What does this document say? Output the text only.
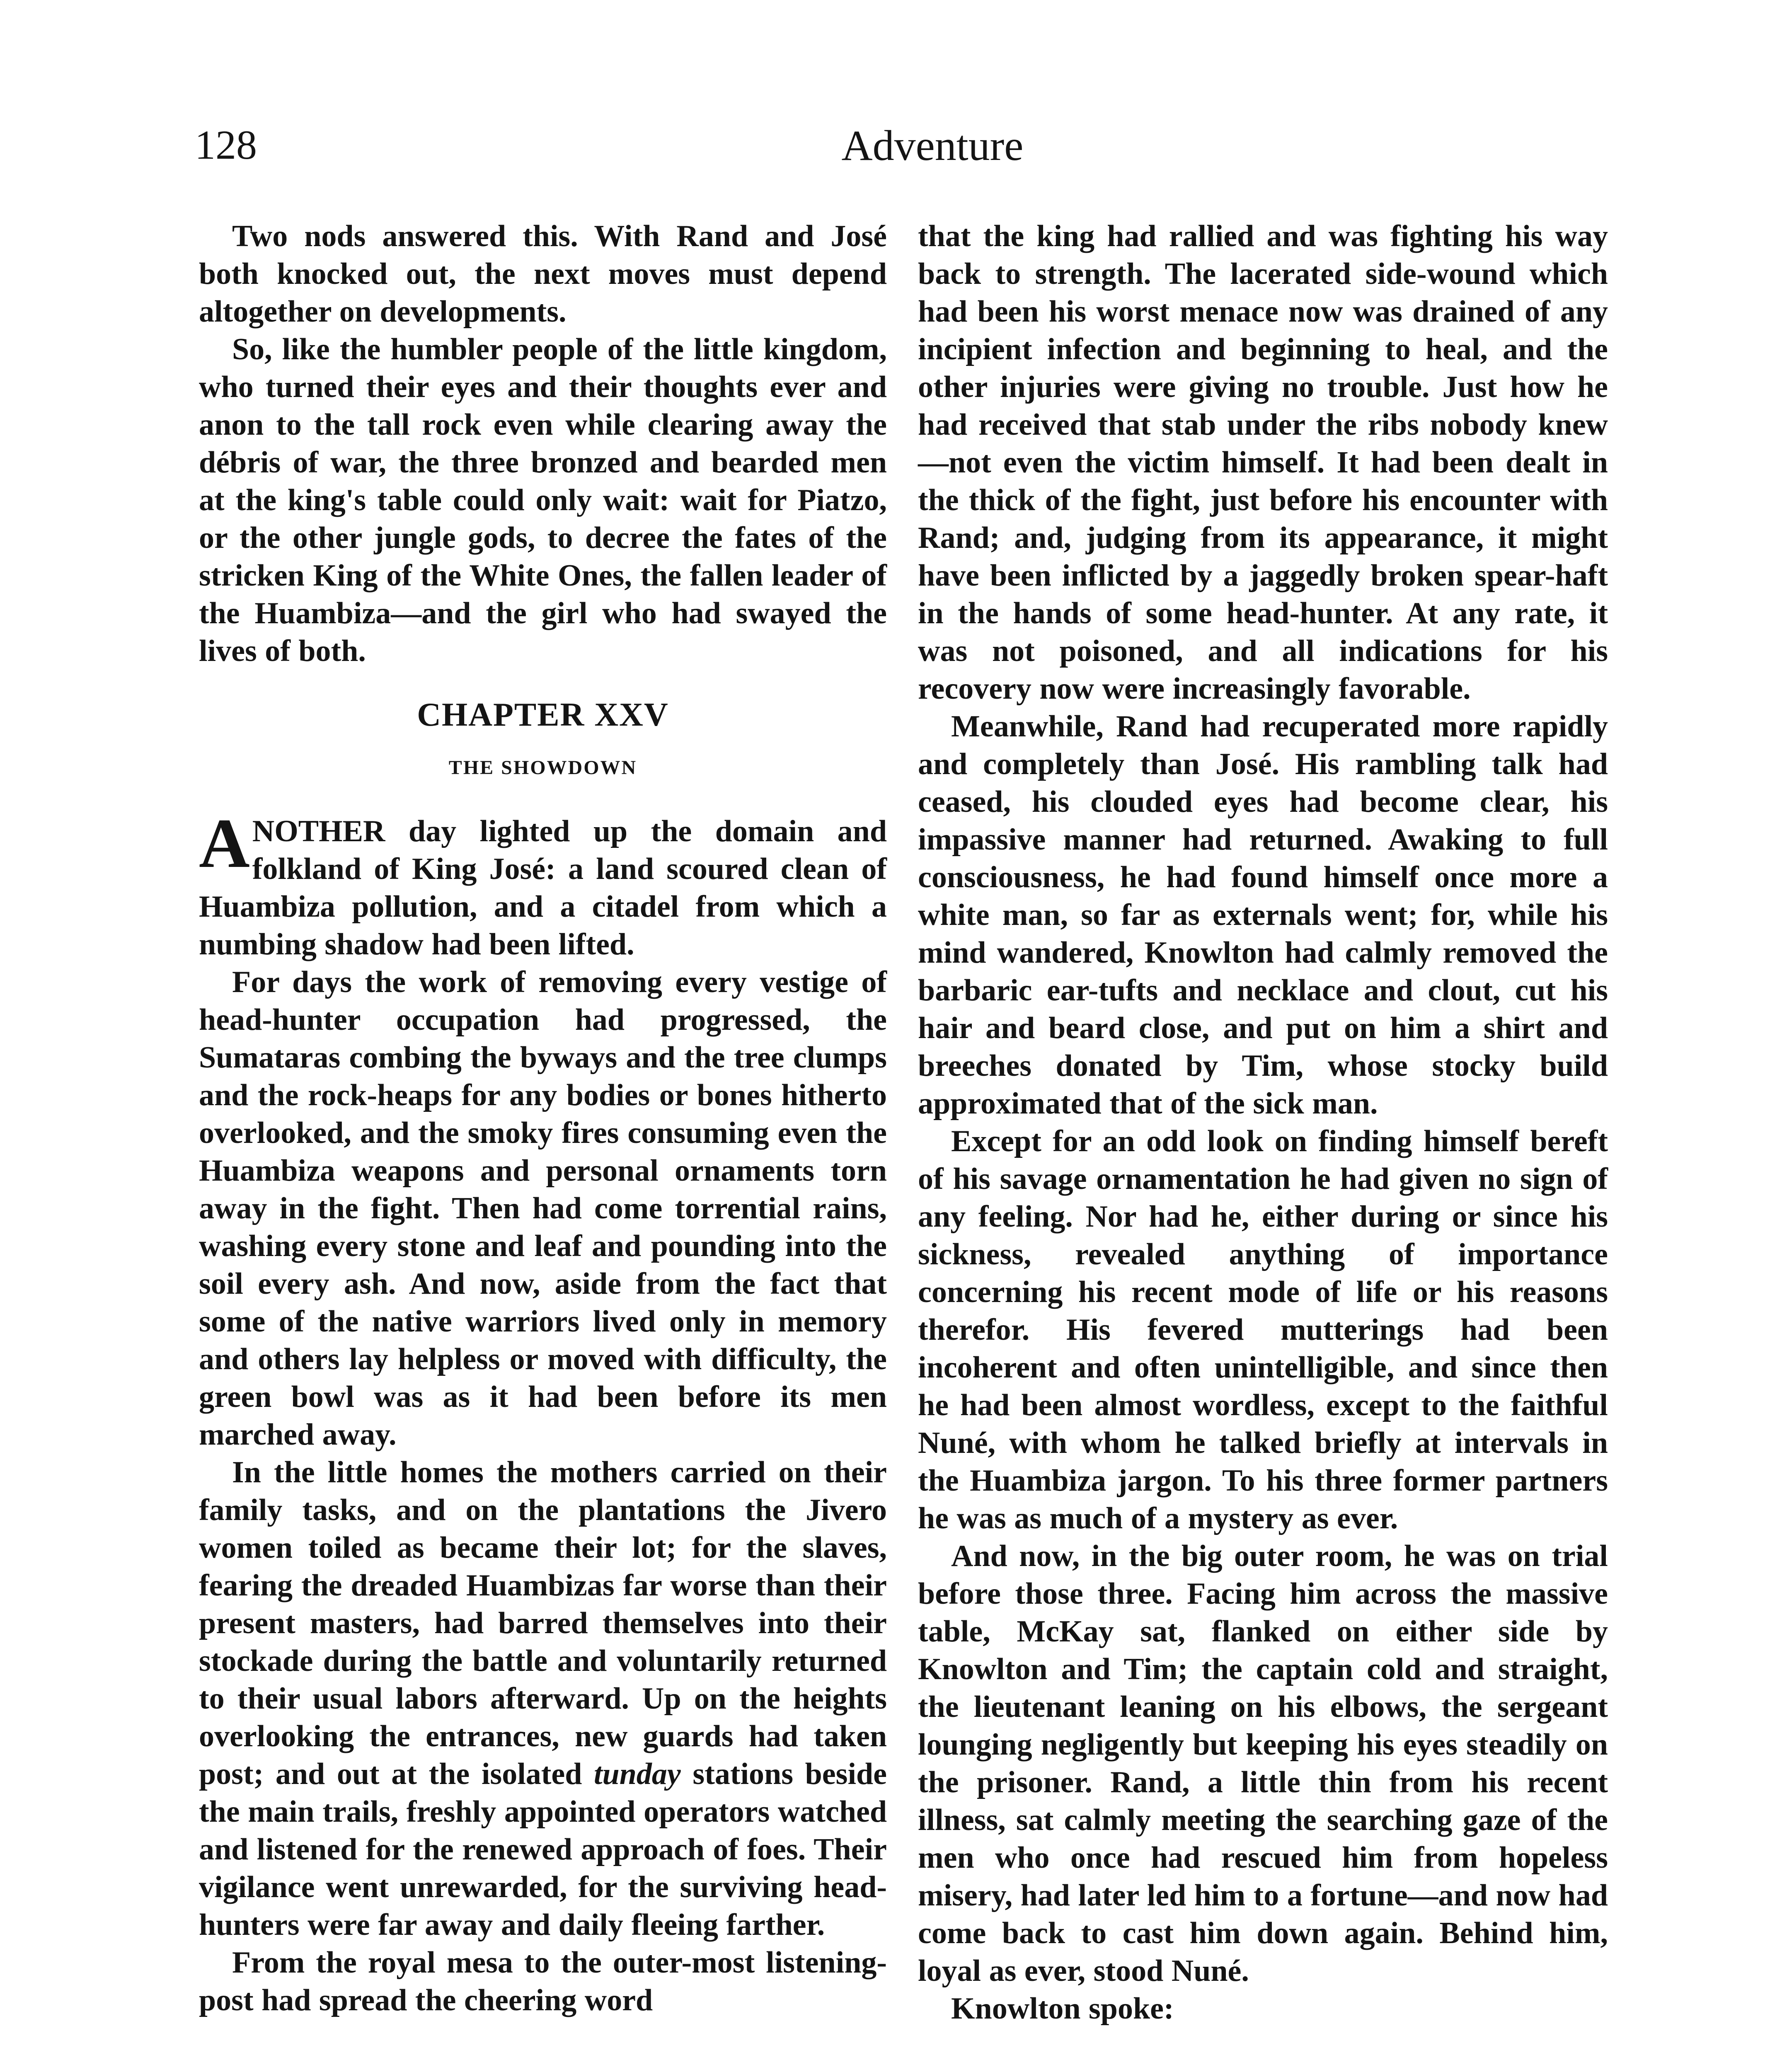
128	Adventure

Two nods answered this. With Rand and José both knocked out, the next moves must depend altogether on developments.

So, like the humbler people of the little kingdom, who turned their eyes and their thoughts ever and anon to the tall rock even while clearing away the débris of war, the three bronzed and bearded men at the king's table could only wait: wait for Piatzo, or the other jungle gods, to decree the fates of the stricken King of the White Ones, the fallen leader of the Huambiza—and the girl who had swayed the lives of both.

CHAPTER XXV
THE SHOWDOWN

ANOTHER day lighted up the domain and folkland of King José: a land scoured clean of Huambiza pollution, and a citadel from which a numbing shadow had been lifted.

For days the work of removing every vestige of head-hunter occupation had progressed, the Sumataras combing the byways and the tree clumps and the rock-heaps for any bodies or bones hitherto overlooked, and the smoky fires consuming even the Huambiza weapons and personal ornaments torn away in the fight. Then had come torrential rains, washing every stone and leaf and pounding into the soil every ash. And now, aside from the fact that some of the native warriors lived only in memory and others lay helpless or moved with difficulty, the green bowl was as it had been before its men marched away.

In the little homes the mothers carried on their family tasks, and on the plantations the Jivero women toiled as became their lot; for the slaves, fearing the dreaded Huambizas far worse than their present masters, had barred themselves into their stockade during the battle and voluntarily returned to their usual labors afterward. Up on the heights overlooking the entrances, new guards had taken post; and out at the isolated tunday stations beside the main trails, freshly appointed operators watched and listened for the renewed approach of foes. Their vigilance went unrewarded, for the surviving head-hunters were far away and daily fleeing farther.

From the royal mesa to the outer-most listening-post had spread the cheering word

that the king had rallied and was fighting his way back to strength. The lacerated side-wound which had been his worst menace now was drained of any incipient infection and beginning to heal, and the other injuries were giving no trouble. Just how he had received that stab under the ribs nobody knew—not even the victim himself. It had been dealt in the thick of the fight, just before his encounter with Rand; and, judging from its appearance, it might have been inflicted by a jaggedly broken spear-haft in the hands of some head-hunter. At any rate, it was not poisoned, and all indications for his recovery now were increasingly favorable.

Meanwhile, Rand had recuperated more rapidly and completely than José. His rambling talk had ceased, his clouded eyes had become clear, his impassive manner had returned. Awaking to full consciousness, he had found himself once more a white man, so far as externals went; for, while his mind wandered, Knowlton had calmly removed the barbaric ear-tufts and necklace and clout, cut his hair and beard close, and put on him a shirt and breeches donated by Tim, whose stocky build approximated that of the sick man.

Except for an odd look on finding himself bereft of his savage ornamentation he had given no sign of any feeling. Nor had he, either during or since his sickness, revealed anything of importance concerning his recent mode of life or his reasons therefor. His fevered mutterings had been incoherent and often unintelligible, and since then he had been almost wordless, except to the faithful Nuné, with whom he talked briefly at intervals in the Huambiza jargon. To his three former partners he was as much of a mystery as ever.

And now, in the big outer room, he was on trial before those three. Facing him across the massive table, McKay sat, flanked on either side by Knowlton and Tim; the captain cold and straight, the lieutenant leaning on his elbows, the sergeant lounging negligently but keeping his eyes steadily on the prisoner. Rand, a little thin from his recent illness, sat calmly meeting the searching gaze of the men who once had rescued him from hopeless misery, had later led him to a fortune—and now had come back to cast him down again. Behind him, loyal as ever, stood Nuné.

Knowlton spoke:
